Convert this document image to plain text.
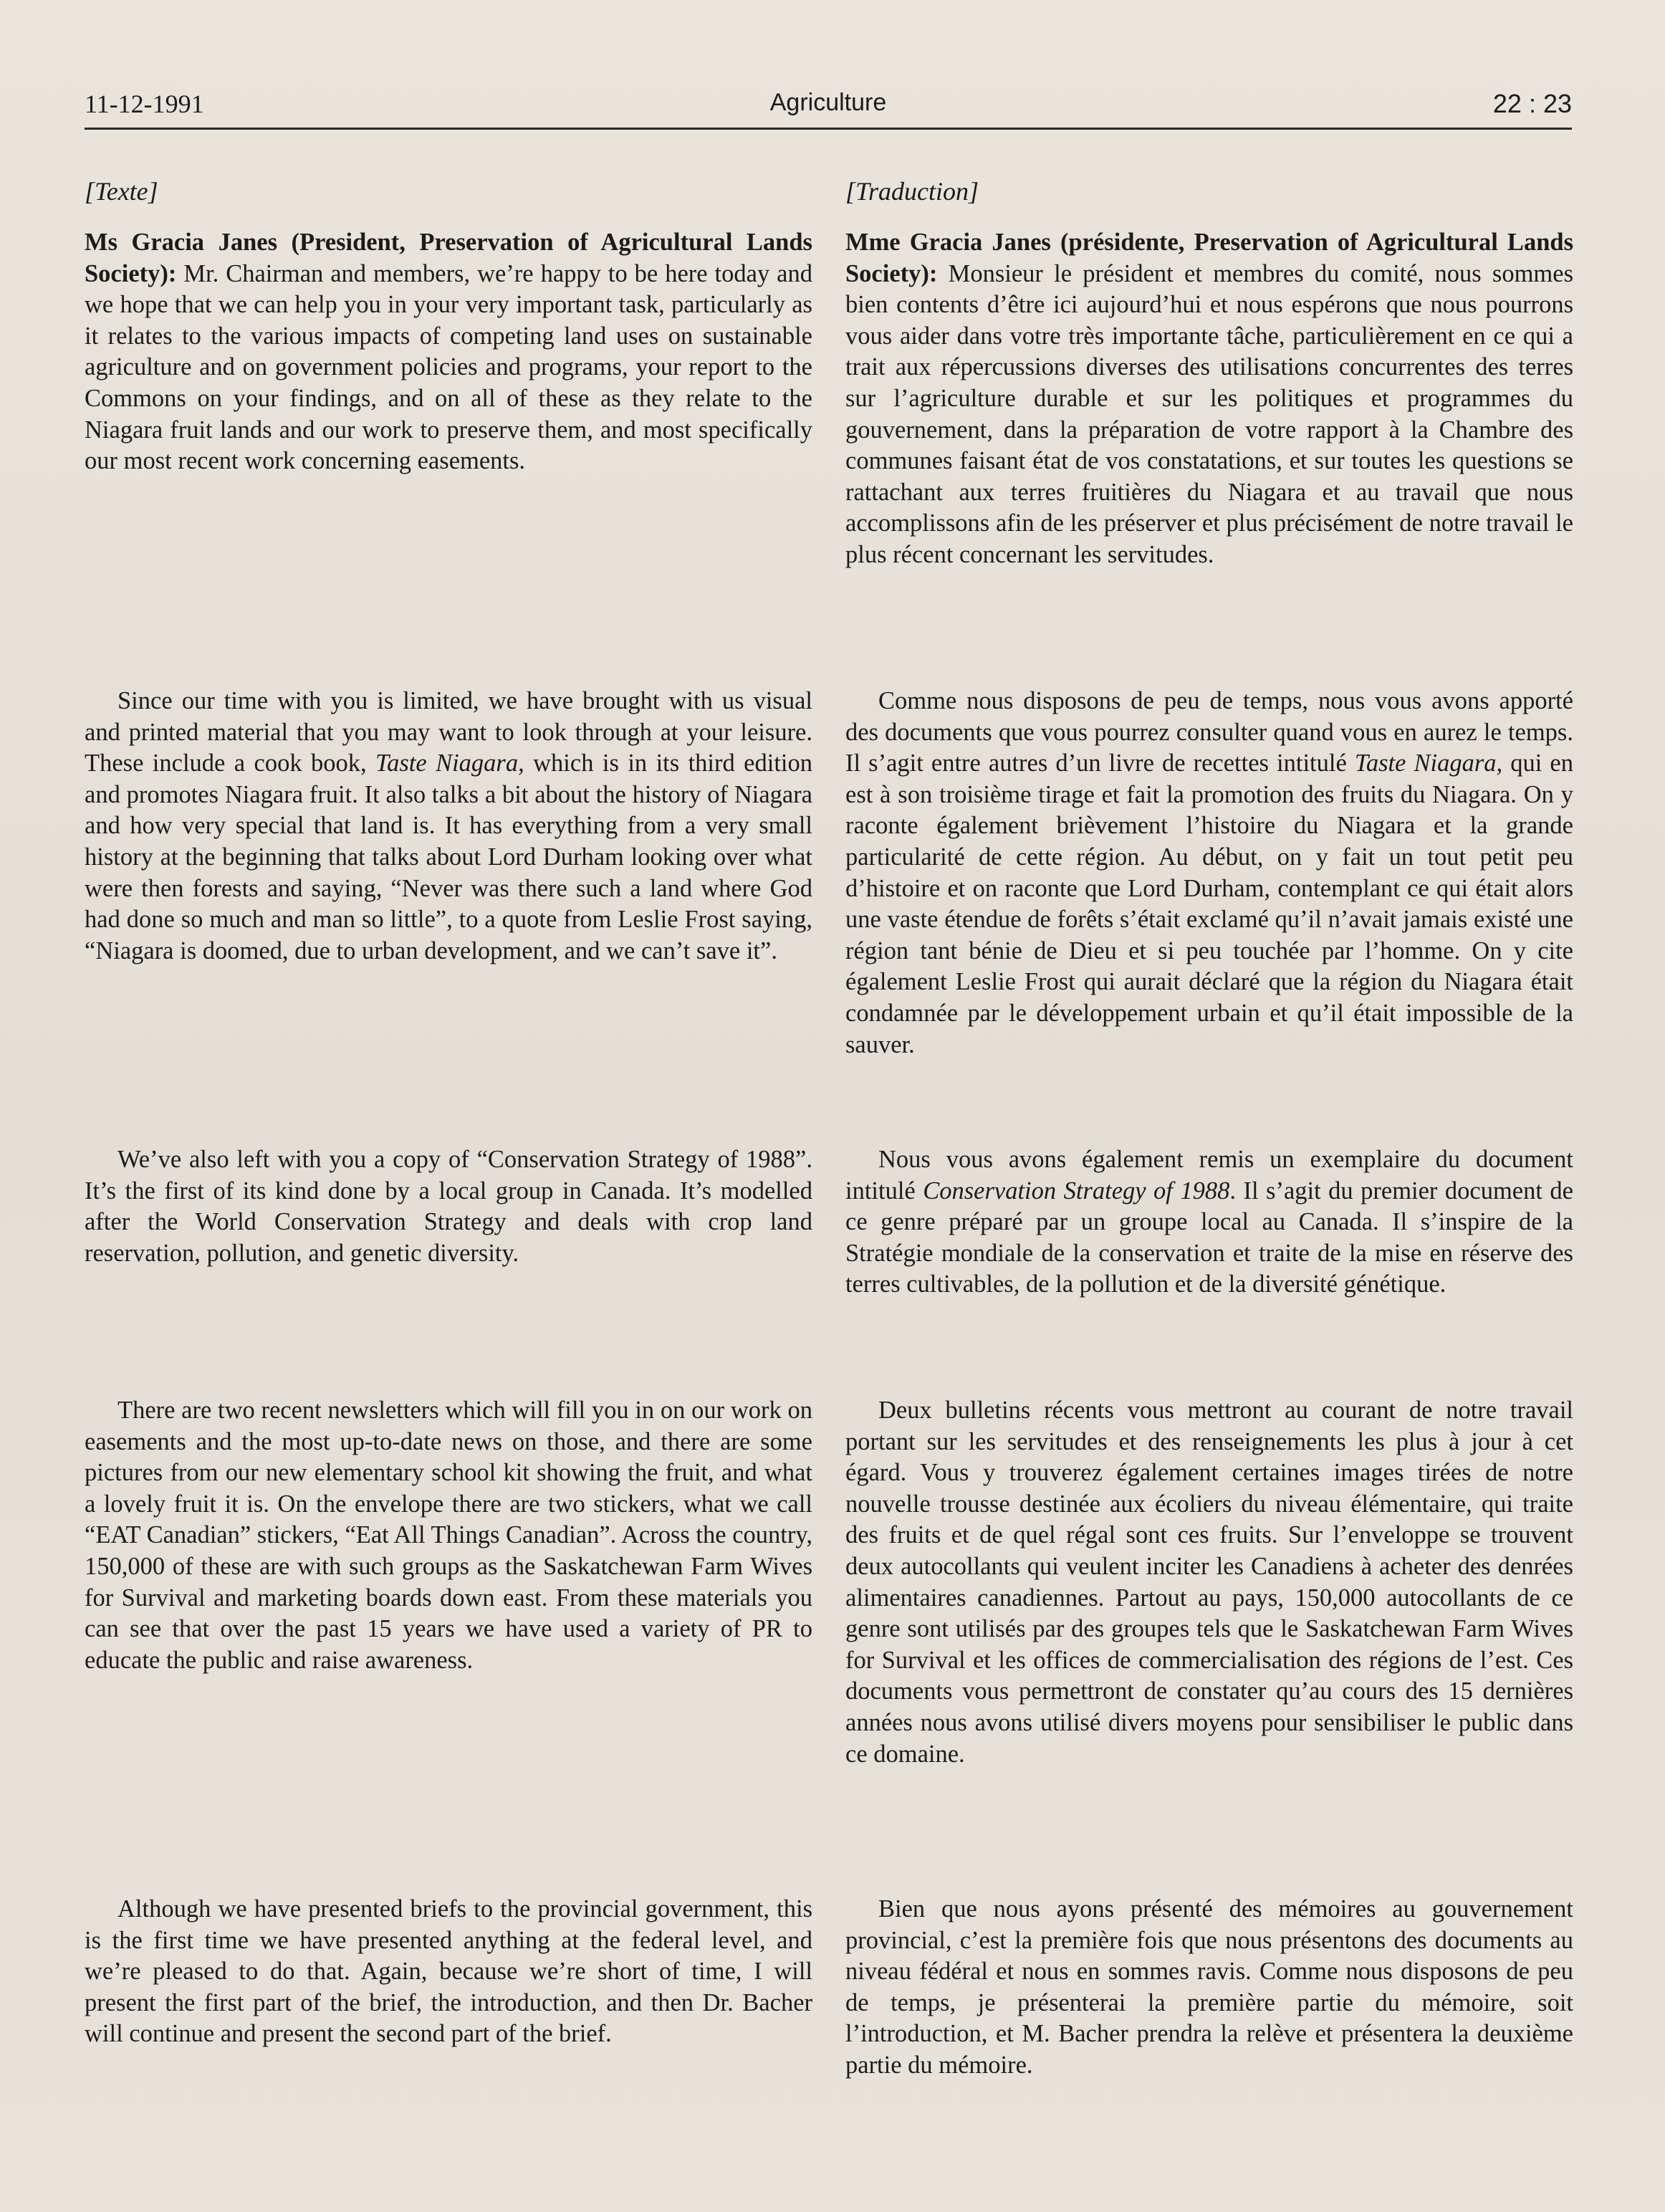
Agriculture
11-12-1991	22 : 23

[Texte]

Ms Gracia Janes (President, Preservation of Agricultural Lands Society): Mr. Chairman and members, we’re happy to be here today and we hope that we can help you in your very important task, particularly as it relates to the various impacts of competing land uses on sustainable agriculture and on government policies and programs, your report to the Commons on your findings, and on all of these as they relate to the Niagara fruit lands and our work to preserve them, and most specifically our most recent work concerning easements.

Since our time with you is limited, we have brought with us visual and printed material that you may want to look through at your leisure. These include a cook book, Taste Niagara, which is in its third edition and promotes Niagara fruit. It also talks a bit about the history of Niagara and how very special that land is. It has everything from a very small history at the beginning that talks about Lord Durham looking over what were then forests and saying, “Never was there such a land where God had done so much and man so little”, to a quote from Leslie Frost saying, “Niagara is doomed, due to urban development, and we can’t save it”.

We’ve also left with you a copy of “Conservation Strategy of 1988”. It’s the first of its kind done by a local group in Canada. It’s modelled after the World Conservation Strategy and deals with crop land reservation, pollution, and genetic diversity.

There are two recent newsletters which will fill you in on our work on easements and the most up-to-date news on those, and there are some pictures from our new elementary school kit showing the fruit, and what a lovely fruit it is. On the envelope there are two stickers, what we call “EAT Canadian” stickers, “Eat All Things Canadian”. Across the country, 150,000 of these are with such groups as the Saskatchewan Farm Wives for Survival and marketing boards down east. From these materials you can see that over the past 15 years we have used a variety of PR to educate the public and raise awareness.

Although we have presented briefs to the provincial government, this is the first time we have presented anything at the federal level, and we’re pleased to do that. Again, because we’re short of time, I will present the first part of the brief, the introduction, and then Dr. Bacher will continue and present the second part of the brief.

[Traduction]

Mme Gracia Janes (présidente, Preservation of Agricultural Lands Society): Monsieur le président et membres du comité, nous sommes bien contents d’être ici aujourd’hui et nous espérons que nous pourrons vous aider dans votre très importante tâche, particulièrement en ce qui a trait aux répercussions diverses des utilisations concurrentes des terres sur l’agriculture durable et sur les politiques et programmes du gouvernement, dans la préparation de votre rapport à la Chambre des communes faisant état de vos constatations, et sur toutes les questions se rattachant aux terres fruitières du Niagara et au travail que nous accomplissons afin de les préserver et plus précisément de notre travail le plus récent concernant les servitudes.

Comme nous disposons de peu de temps, nous vous avons apporté des documents que vous pourrez consulter quand vous en aurez le temps. Il s’agit entre autres d’un livre de recettes intitulé Taste Niagara, qui en est à son troisième tirage et fait la promotion des fruits du Niagara. On y raconte également brièvement l’histoire du Niagara et la grande particularité de cette région. Au début, on y fait un tout petit peu d’histoire et on raconte que Lord Durham, contemplant ce qui était alors une vaste étendue de forêts s’était exclamé qu’il n’avait jamais existé une région tant bénie de Dieu et si peu touchée par l’homme. On y cite également Leslie Frost qui aurait déclaré que la région du Niagara était condamnée par le développement urbain et qu’il était impossible de la sauver.

Nous vous avons également remis un exemplaire du document intitulé Conservation Strategy of 1988. Il s’agit du premier document de ce genre préparé par un groupe local au Canada. Il s’inspire de la Stratégie mondiale de la conservation et traite de la mise en réserve des terres cultivables, de la pollution et de la diversité génétique.

Deux bulletins récents vous mettront au courant de notre travail portant sur les servitudes et des renseignements les plus à jour à cet égard. Vous y trouverez également certaines images tirées de notre nouvelle trousse destinée aux écoliers du niveau élémentaire, qui traite des fruits et de quel régal sont ces fruits. Sur l’enveloppe se trouvent deux autocollants qui veulent inciter les Canadiens à acheter des denrées alimentaires canadiennes. Partout au pays, 150,000 autocollants de ce genre sont utilisés par des groupes tels que le Saskatchewan Farm Wives for Survival et les offices de commercialisation des régions de l’est. Ces documents vous permettront de constater qu’au cours des 15 dernières années nous avons utilisé divers moyens pour sensibiliser le public dans ce domaine.

Bien que nous ayons présenté des mémoires au gouvernement provincial, c’est la première fois que nous présentons des documents au niveau fédéral et nous en sommes ravis. Comme nous disposons de peu de temps, je présenterai la première partie du mémoire, soit l’introduction, et M. Bacher prendra la relève et présentera la deuxième partie du mémoire.
